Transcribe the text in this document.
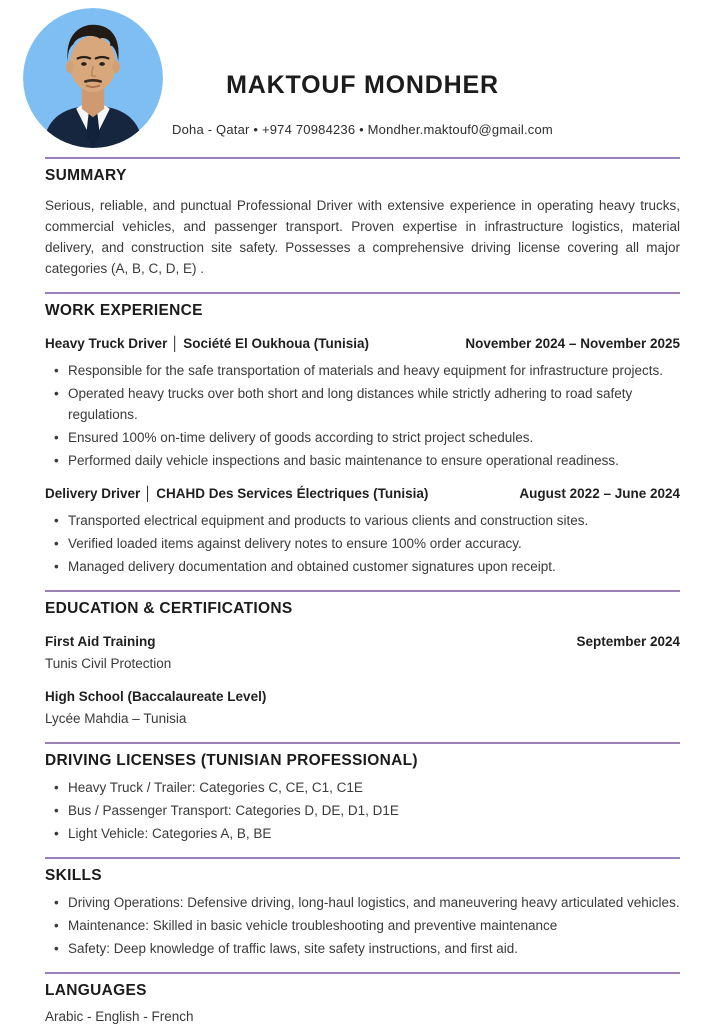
MAKTOUF MONDHER
Doha - Qatar • +974 70984236 • Mondher.maktouf0@gmail.com
SUMMARY

Serious, reliable, and punctual Professional Driver with extensive experience in operating heavy trucks, commercial vehicles, and passenger transport. Proven expertise in infrastructure logistics, material delivery, and construction site safety. Possesses a comprehensive driving license covering all major categories (A, B, C, D, E) .

WORK EXPERIENCE
Heavy Truck Driver │ Société El Oukhoua (Tunisia)	November 2024 – November 2025
• Responsible for the safe transportation of materials and heavy equipment for infrastructure projects.
• Operated heavy trucks over both short and long distances while strictly adhering to road safety regulations.
• Ensured 100% on-time delivery of goods according to strict project schedules.
• Performed daily vehicle inspections and basic maintenance to ensure operational readiness.
Delivery Driver │ CHAHD Des Services Électriques (Tunisia)	August 2022 – June 2024
• Transported electrical equipment and products to various clients and construction sites.
• Verified loaded items against delivery notes to ensure 100% order accuracy.
• Managed delivery documentation and obtained customer signatures upon receipt.
EDUCATION & CERTIFICATIONS
First Aid Training	September 2024
Tunis Civil Protection
High School (Baccalaureate Level)
Lycée Mahdia – Tunisia
DRIVING LICENSES (TUNISIAN PROFESSIONAL)
• Heavy Truck / Trailer: Categories C, CE, C1, C1E
• Bus / Passenger Transport: Categories D, DE, D1, D1E
• Light Vehicle: Categories A, B, BE
SKILLS
• Driving Operations: Defensive driving, long-haul logistics, and maneuvering heavy articulated vehicles.
• Maintenance: Skilled in basic vehicle troubleshooting and preventive maintenance
• Safety: Deep knowledge of traffic laws, site safety instructions, and first aid.
LANGUAGES
Arabic - English - French
